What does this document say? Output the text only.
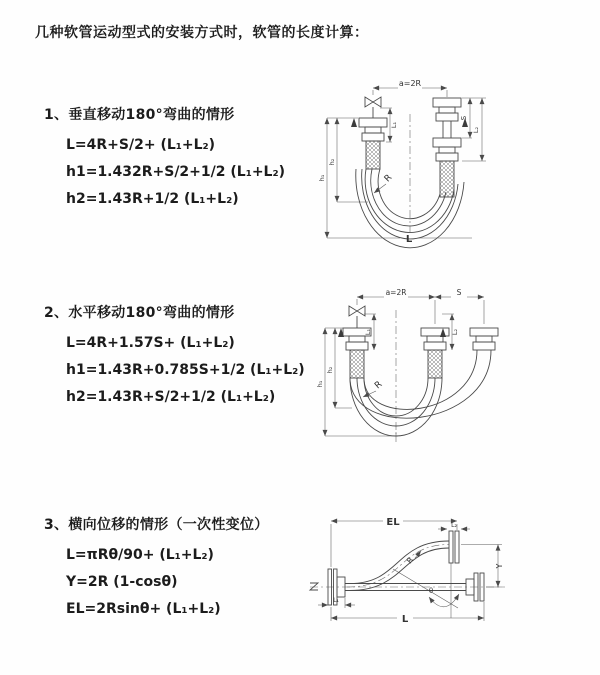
几种软管运动型式的安装方式时，软管的长度计算：
1、垂直移动180°弯曲的情形
L=4R+S/2+ (L₁+L₂)
h1=1.432R+S/2+1/2 (L₁+L₂)
h2=1.43R+1/2 (L₁+L₂)
2、水平移动180°弯曲的情形
L=4R+1.57S+ (L₁+L₂)
h1=1.43R+0.785S+1/2 (L₁+L₂)
h2=1.43R+S/2+1/2 (L₁+L₂)
3、横向位移的情形（一次性变位）
L=πRθ/90+ (L₁+L₂)
Y=2R (1-cosθ)
EL=2Rsinθ+ (L₁+L₂)
a=2R
S
L₂
L₁
h₁
h₂
R
L
a=2R	S
L₁	L₂
h₁
h₂
R
EL	L₂
Y
R
θ
L
L₁
